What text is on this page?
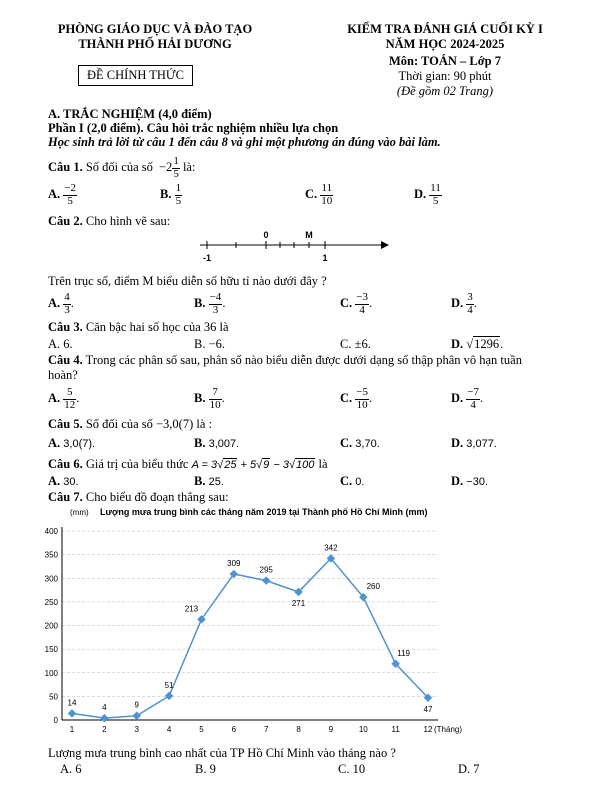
PHÒNG GIÁO DỤC VÀ ĐÀO TẠO
THÀNH PHỐ HẢI DƯƠNG
ĐỀ CHÍNH THỨC
KIỂM TRA ĐÁNH GIÁ CUỐI KỲ I
NĂM HỌC 2024-2025
Môn: TOÁN – Lớp 7
Thời gian: 90 phút
(Đề gồm 02 Trang)
A. TRẮC NGHIỆM (4,0 điểm)
Phần I (2,0 điểm). Câu hỏi trắc nghiệm nhiều lựa chọn
Học sinh trả lời từ câu 1 đến câu 8 và ghi một phương án đúng vào bài làm.
Câu 1. Số đối của số $-2 \frac{1}{5}$ là:
A. $\frac{-2}{5}$	B. $\frac{1}{5}$	C. $\frac{11}{10}$	D. $\frac{11}{5}$
Câu 2. Cho hình vẽ sau:
0	M
-1	1
Trên trục số, điểm M biểu diễn số hữu tỉ nào dưới đây ?
A. $\frac{4}{3}$ .	B. $\frac{-4}{3}$ .	C. $\frac{-3}{4}$ .	D. $\frac{3}{4}$ .
Câu 3. Căn bậc hai số học của 36 là
A. 6.	B. −6.	C. ±6.	D. √1296.
Câu 4. Trong các phân số sau, phân số nào biểu diễn được dưới dạng số thập phân vô hạn tuần
hoàn?
A. $\frac{5}{12}$ .	B. $\frac{7}{10}$ .	C. $\frac{-5}{10}$ .	D. $\frac{-7}{4}$ .
Câu 5. Số đối của số −3,0(7) là :
A. 3,0(7).	B. 3,007.	C. 3,70.	D. 3,077.
Câu 6. Giá trị của biểu thức A = 3√25 + 5√9 − 3√100 là
A. 30.	B. 25.	C. 0.	D. −30.
Câu 7. Cho biểu đồ đoạn thẳng sau:
(mm) Lượng mưa trung bình các tháng năm 2019 tại Thành phố Hồ Chí Minh (mm)
0
50
100
150
200
250
300
350
400
1	2	3	4	5	6	7	8	9	10	11	12
14
4	9
51
213
309
295
271
342
260
119
47
(Tháng)
Lượng mưa trung bình cao nhất của TP Hồ Chí Minh vào tháng nào ?
A. 6	B. 9	C. 10	D. 7
